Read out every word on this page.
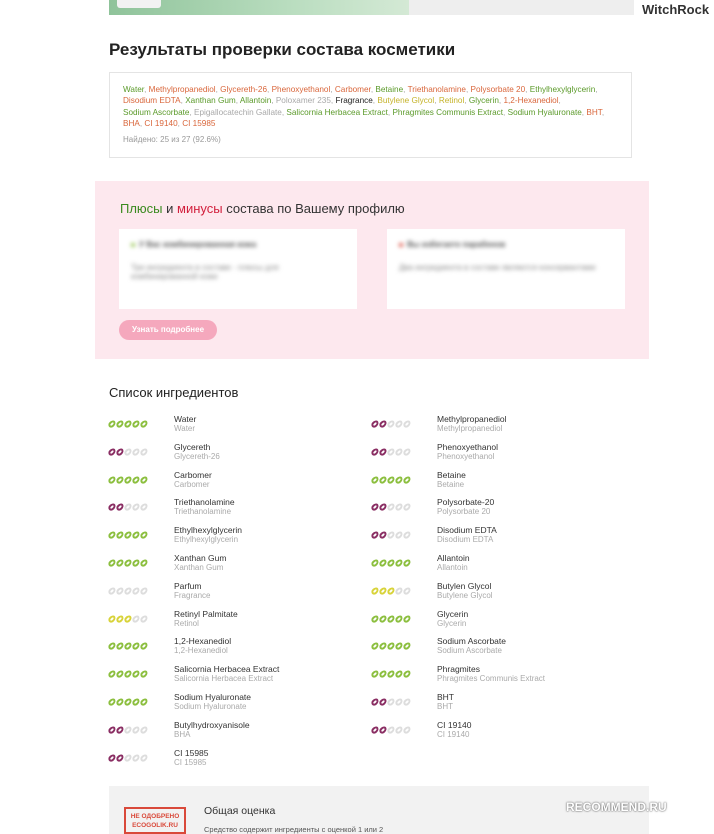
WitchRock
Результаты проверки состава косметики
Water, Methylpropanediol, Glycereth-26, Phenoxyethanol, Carbomer, Betaine, Triethanolamine, Polysorbate 20, Ethylhexylglycerin, Disodium EDTA, Xanthan Gum, Allantoin, Poloxamer 235, Fragrance, Butylene Glycol, Retinol, Glycerin, 1,2-Hexanediol, Sodium Ascorbate, Epigallocatechin Gallate, Salicornia Herbacea Extract, Phragmites Communis Extract, Sodium Hyaluronate, BHT, BHA, CI 19140, CI 15985
Найдено: 25 из 27 (92.6%)
Плюсы и минусы состава по Вашему профилю
У Вас комбинированная кожа
Три ингредиента в составе - плюсы для комбинированной кожи
Вы избегаете парабенов
Два ингредиента в составе являются консервантами
Узнать подробнее
Список ингредиентов
Water
Water
Glycereth
Glycereth-26
Carbomer
Carbomer
Triethanolamine
Triethanolamine
Ethylhexylglycerin
Ethylhexylglycerin
Xanthan Gum
Xanthan Gum
Parfum
Fragrance
Retinyl Palmitate
Retinol
1,2-Hexanediol
1,2-Hexanediol
Salicornia Herbacea Extract
Salicornia Herbacea Extract
Sodium Hyaluronate
Sodium Hyaluronate
Butylhydroxyanisole
BHA
CI 15985
CI 15985
Methylpropanediol
Methylpropanediol
Phenoxyethanol
Phenoxyethanol
Betaine
Betaine
Polysorbate-20
Polysorbate 20
Disodium EDTA
Disodium EDTA
Allantoin
Allantoin
Butylen Glycol
Butylene Glycol
Glycerin
Glycerin
Sodium Ascorbate
Sodium Ascorbate
Phragmites
Phragmites Communis Extract
BHT
BHT
CI 19140
CI 19140
НЕ ОДОБРЕНО ECOGOLIK.RU
Общая оценка
Средство содержит ингредиенты с оценкой 1 или 2
RECOMMEND.RU
